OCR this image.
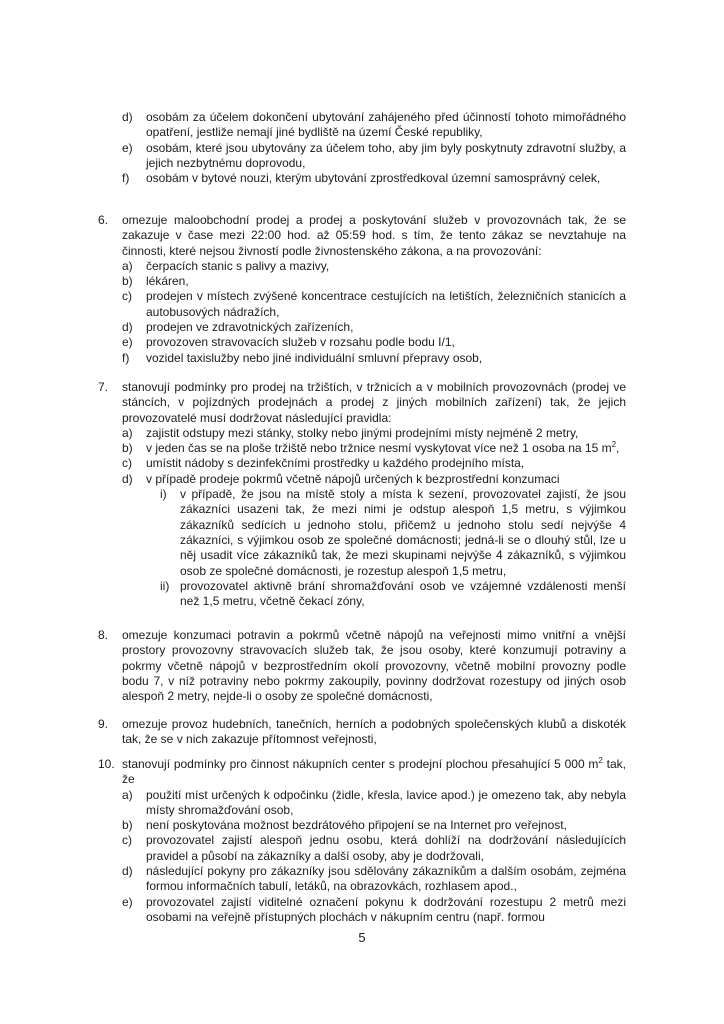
d)	osobám za účelem dokončení ubytování zahájeného před účinností tohoto mimořádného opatření, jestliže nemají jiné bydliště na území České republiky,
e)	osobám, které jsou ubytovány za účelem toho, aby jim byly poskytnuty zdravotní služby, a jejich nezbytnému doprovodu,
f)	osobám v bytové nouzi, kterým ubytování zprostředkoval územní samosprávný celek,
6.	omezuje maloobchodní prodej a prodej a poskytování služeb v provozovnách tak, že se zakazuje v čase mezi 22:00 hod. až 05:59 hod. s tím, že tento zákaz se nevztahuje na činnosti, které nejsou živností podle živnostenského zákona, a na provozování:
a)	čerpacích stanic s palivy a mazivy,
b)	lékáren,
c)	prodejen v místech zvýšené koncentrace cestujících na letištích, železničních stanicích a autobusových nádražích,
d)	prodejen ve zdravotnických zařízeních,
e)	provozoven stravovacích služeb v rozsahu podle bodu I/1,
f)	vozidel taxislužby nebo jiné individuální smluvní přepravy osob,
7.	stanovují podmínky pro prodej na tržištích, v tržnicích a v mobilních provozovnách (prodej ve stáncích, v pojízdných prodejnách a prodej z jiných mobilních zařízení) tak, že jejich provozovatelé musí dodržovat následující pravidla:
a)	zajistit odstupy mezi stánky, stolky nebo jinými prodejními místy nejméně 2 metry,
b)	v jeden čas se na ploše tržiště nebo tržnice nesmí vyskytovat více než 1 osoba na 15 $m^2$,
c)	umístit nádoby s dezinfekčními prostředky u každého prodejního místa,
d)	v případě prodeje pokrmů včetně nápojů určených k bezprostřední konzumaci
i)	v případě, že jsou na místě stoly a místa k sezení, provozovatel zajistí, že jsou zákazníci usazeni tak, že mezi nimi je odstup alespoň 1,5 metru, s výjimkou zákazníků sedících u jednoho stolu, přičemž u jednoho stolu sedí nejvýše 4 zákazníci, s výjimkou osob ze společné domácnosti; jedná-li se o dlouhý stůl, lze u něj usadit více zákazníků tak, že mezi skupinami nejvýše 4 zákazníků, s výjimkou osob ze společné domácnosti, je rozestup alespoň 1,5 metru,
ii) provozovatel aktivně brání shromažďování osob ve vzájemné vzdálenosti menší než 1,5 metru, včetně čekací zóny,
8.	omezuje konzumaci potravin a pokrmů včetně nápojů na veřejnosti mimo vnitřní a vnější prostory provozovny stravovacích služeb tak, že jsou osoby, které konzumují potraviny a pokrmy včetně nápojů v bezprostředním okolí provozovny, včetně mobilní provozny podle bodu 7, v níž potraviny nebo pokrmy zakoupily, povinny dodržovat rozestupy od jiných osob alespoň 2 metry, nejde-li o osoby ze společné domácnosti,
9.	omezuje provoz hudebních, tanečních, herních a podobných společenských klubů a diskoték tak, že se v nich zakazuje přítomnost veřejnosti,
10. stanovují podmínky pro činnost nákupních center s prodejní plochou přesahující 5 000 $m^2$ tak, že
a)	použití míst určených k odpočinku (židle, křesla, lavice apod.) je omezeno tak, aby nebyla místy shromažďování osob,
b)	není poskytována možnost bezdrátového připojení se na Internet pro veřejnost,
c)	provozovatel zajistí alespoň jednu osobu, která dohlíží na dodržování následujících pravidel a působí na zákazníky a další osoby, aby je dodržovali,
d)	následující pokyny pro zákazníky jsou sdělovány zákazníkům a dalším osobám, zejména formou informačních tabulí, letáků, na obrazovkách, rozhlasem apod.,
e)	provozovatel zajistí viditelné označení pokynu k dodržování rozestupu 2 metrů mezi osobami na veřejně přístupných plochách v nákupním centru (např. formou
5
